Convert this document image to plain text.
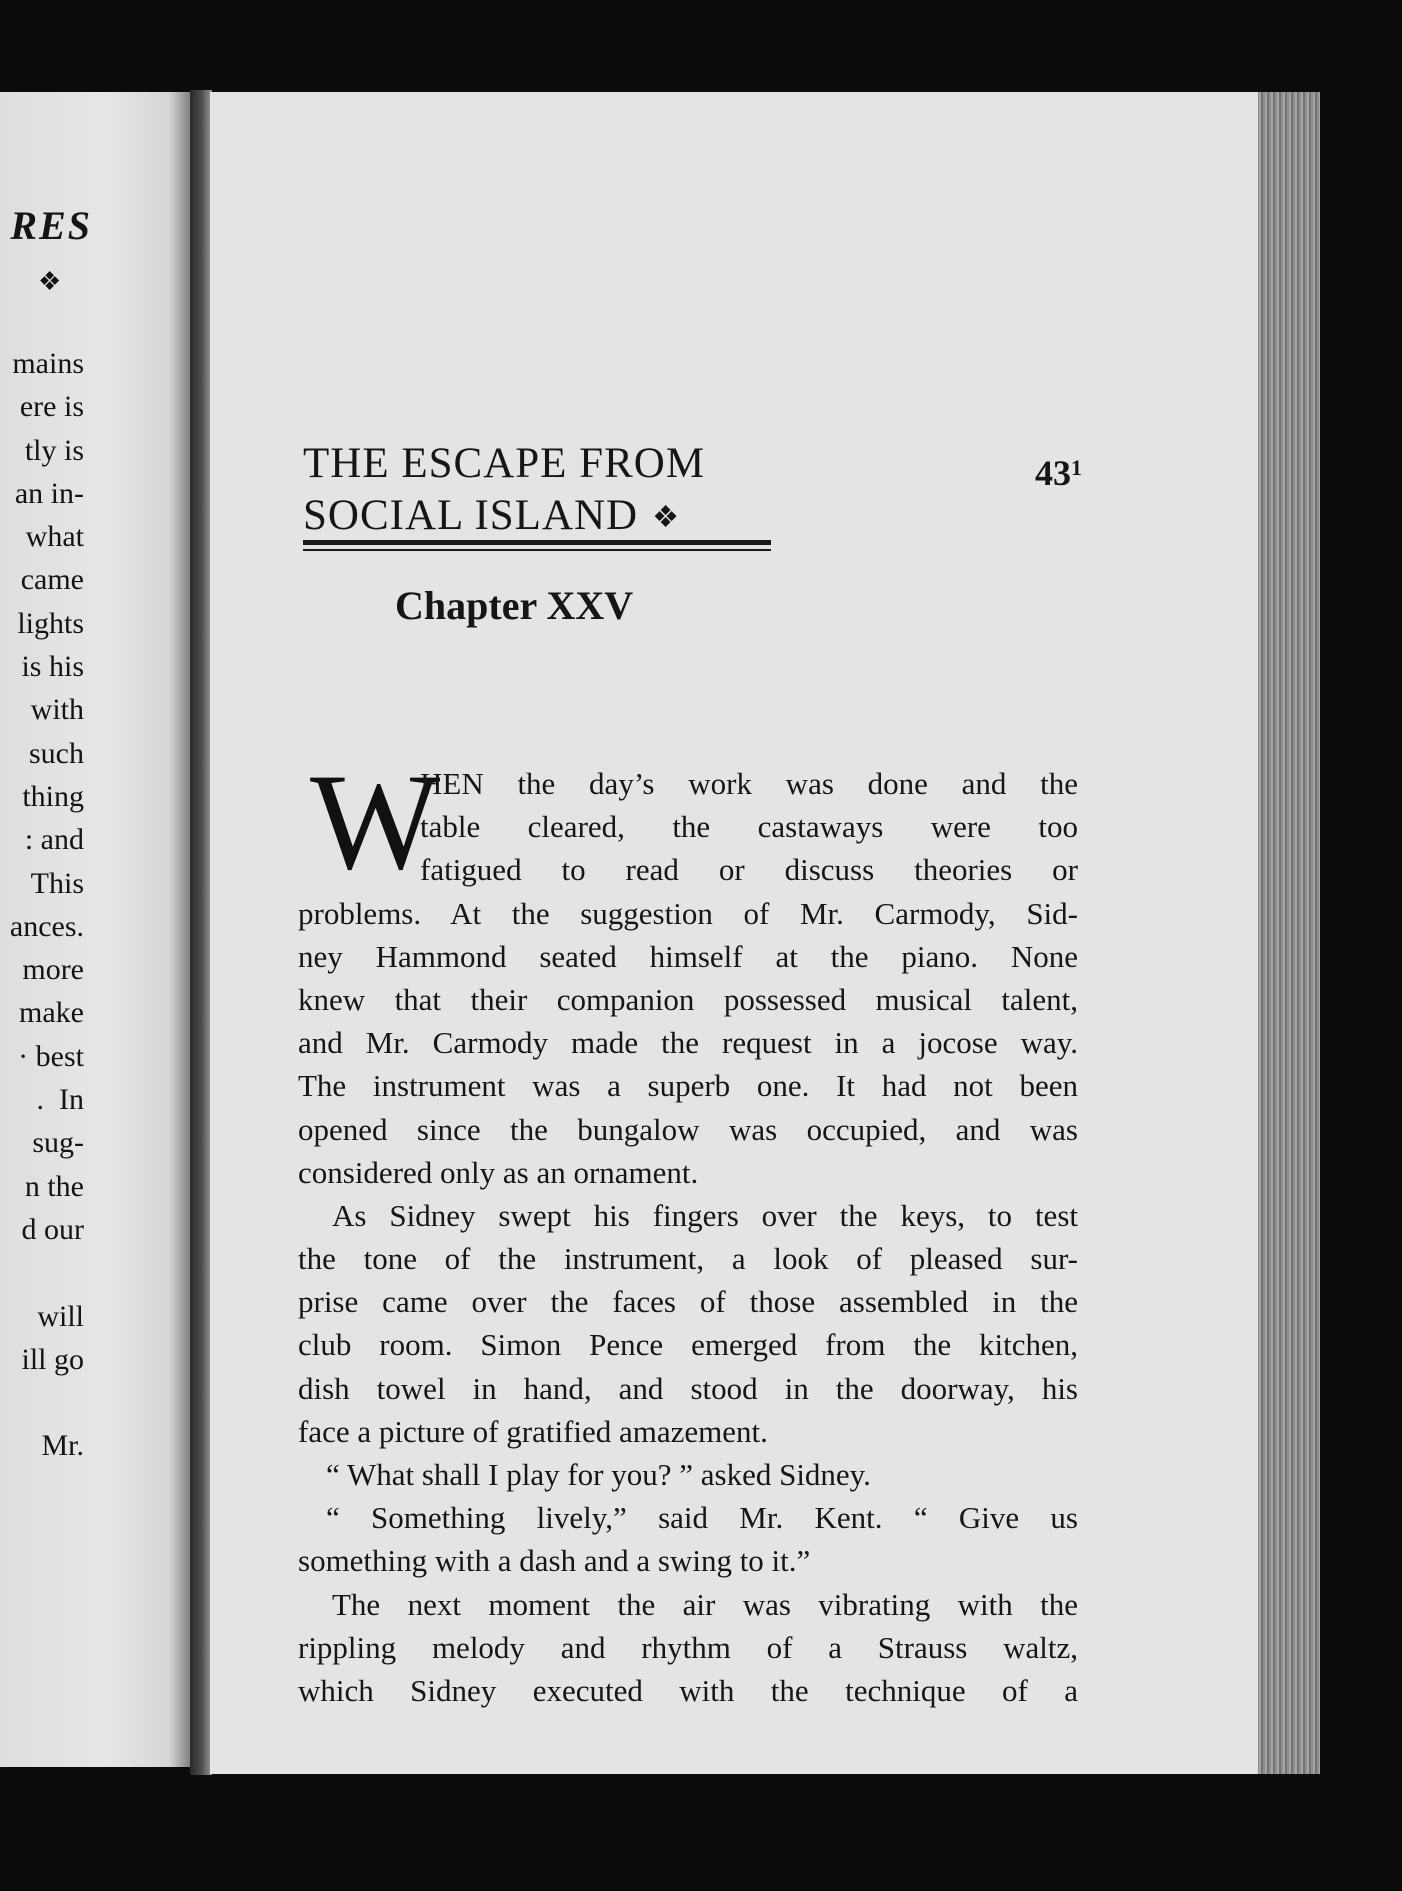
RES
❖
mains
ere is
tly is
an in-
what
came
lights
is his
with
such
thing
: and
This
ances.
more
make
· best
.  In
sug-
n the
d our
will
ill go
Mr.
THE ESCAPE FROM
SOCIAL ISLAND ❖
$43^1$
Chapter XXV
W
HEN the day’s work was done and the
table cleared, the castaways were too
fatigued to read or discuss theories or
problems. At the suggestion of Mr. Carmody, Sid-
ney Hammond seated himself at the piano. None
knew that their companion possessed musical talent,
and Mr. Carmody made the request in a jocose way.
The instrument was a superb one. It had not been
opened since the bungalow was occupied, and was
considered only as an ornament.
As Sidney swept his fingers over the keys, to test
the tone of the instrument, a look of pleased sur-
prise came over the faces of those assembled in the
club room. Simon Pence emerged from the kitchen,
dish towel in hand, and stood in the doorway, his
face a picture of gratified amazement.
“ What shall I play for you? ” asked Sidney.
“ Something lively,” said Mr. Kent. “ Give us
something with a dash and a swing to it.”
The next moment the air was vibrating with the
rippling melody and rhythm of a Strauss waltz,
which Sidney executed with the technique of a
